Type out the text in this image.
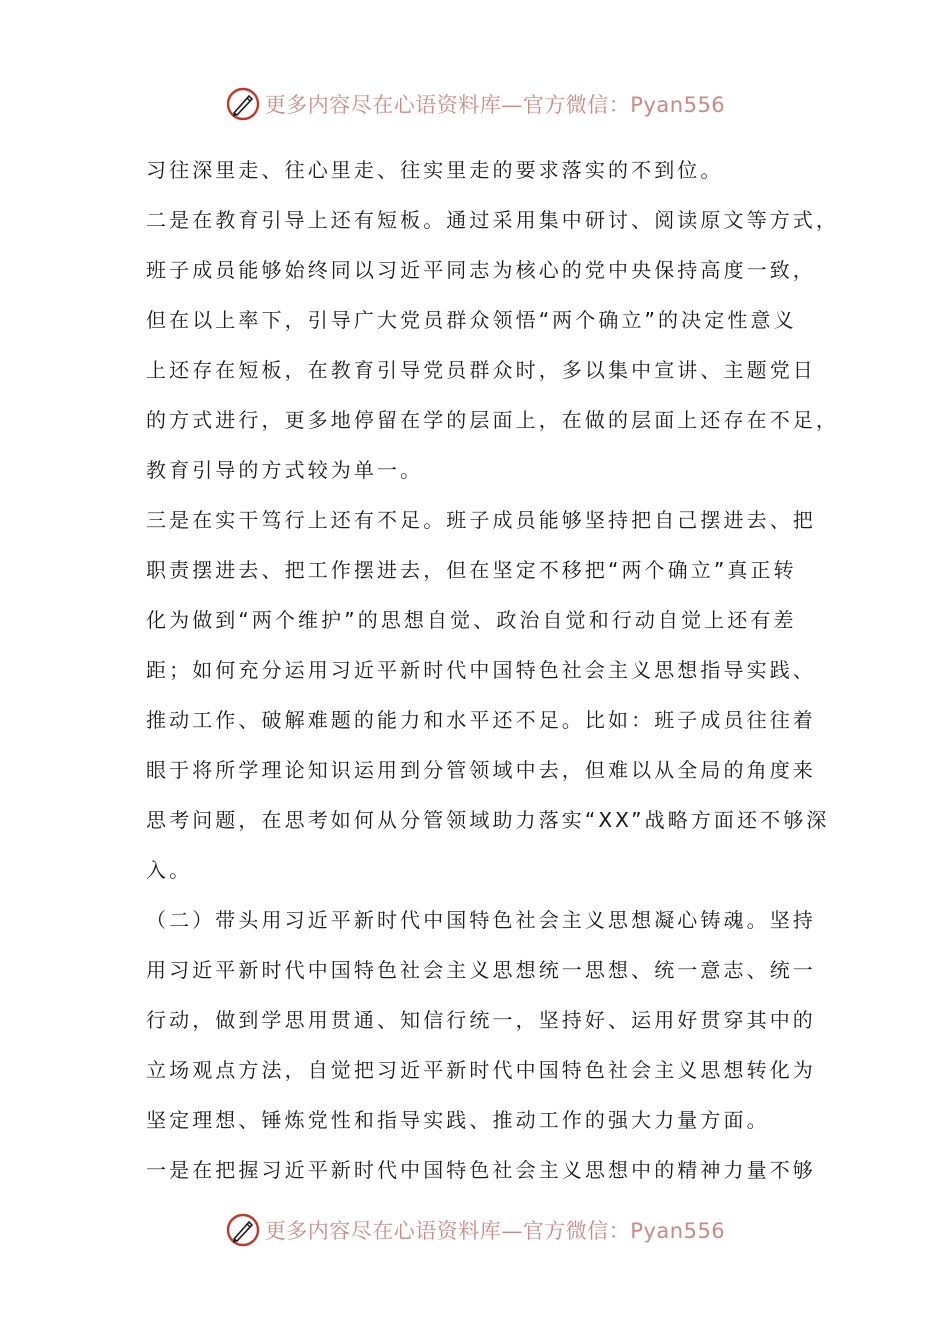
更多内容尽在心语资料库—官方微信：Pyan556
习往深里走、往心里走、往实里走的要求落实的不到位。
二是在教育引导上还有短板。通过采用集中研讨、阅读原文等方式，
班子成员能够始终同以习近平同志为核心的党中央保持高度一致，
但在以上率下，引导广大党员群众领悟“两个确立”的决定性意义
上还存在短板，在教育引导党员群众时，多以集中宣讲、主题党日
的方式进行，更多地停留在学的层面上，在做的层面上还存在不足，
教育引导的方式较为单一。
三是在实干笃行上还有不足。班子成员能够坚持把自己摆进去、把
职责摆进去、把工作摆进去，但在坚定不移把“两个确立”真正转
化为做到“两个维护”的思想自觉、政治自觉和行动自觉上还有差
距；如何充分运用习近平新时代中国特色社会主义思想指导实践、
推动工作、破解难题的能力和水平还不足。比如：班子成员往往着
眼于将所学理论知识运用到分管领域中去，但难以从全局的角度来
思考问题，在思考如何从分管领域助力落实“XX”战略方面还不够深
入。
（二）带头用习近平新时代中国特色社会主义思想凝心铸魂。坚持
用习近平新时代中国特色社会主义思想统一思想、统一意志、统一
行动，做到学思用贯通、知信行统一，坚持好、运用好贯穿其中的
立场观点方法，自觉把习近平新时代中国特色社会主义思想转化为
坚定理想、锤炼党性和指导实践、推动工作的强大力量方面。
一是在把握习近平新时代中国特色社会主义思想中的精神力量不够
更多内容尽在心语资料库—官方微信：Pyan556
